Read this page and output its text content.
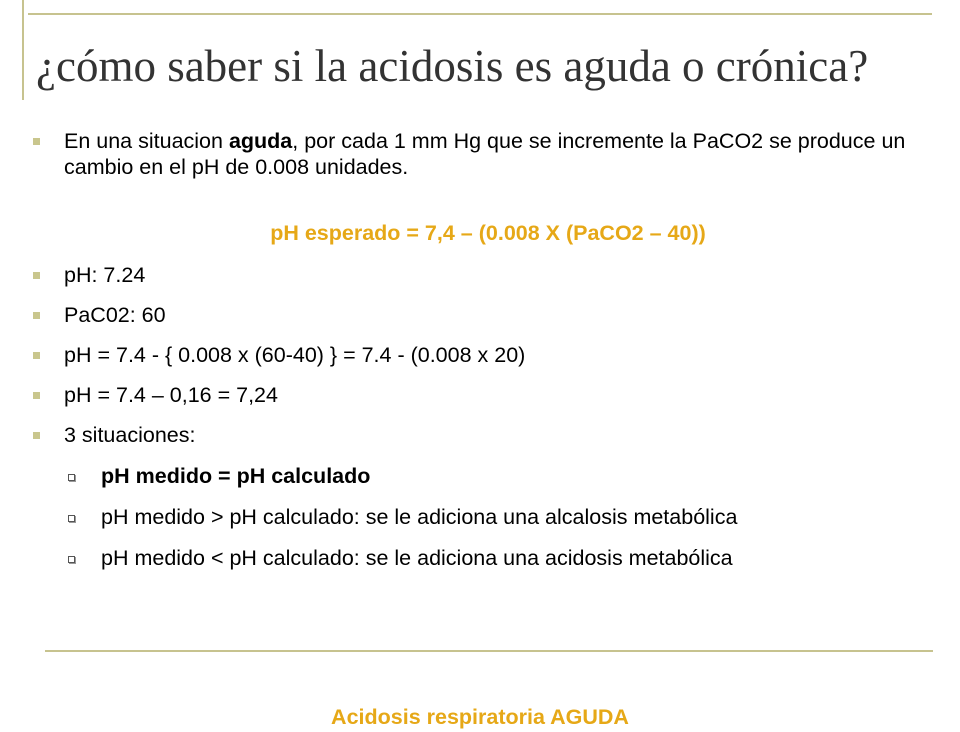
¿cómo saber si la acidosis es aguda o crónica?
En una situacion aguda, por cada 1 mm Hg que se incremente la PaCO2 se produce un cambio en el pH de 0.008 unidades.
pH esperado = 7,4 – (0.008 X (PaCO2 – 40))
pH: 7.24
PaC02: 60
pH = 7.4 - { 0.008 x (60-40) } = 7.4 - (0.008 x 20)
pH = 7.4 – 0,16 = 7,24
3 situaciones:
pH medido = pH calculado
pH medido > pH calculado: se le adiciona una alcalosis metabólica
pH medido < pH calculado: se le adiciona una acidosis metabólica
Acidosis respiratoria AGUDA
